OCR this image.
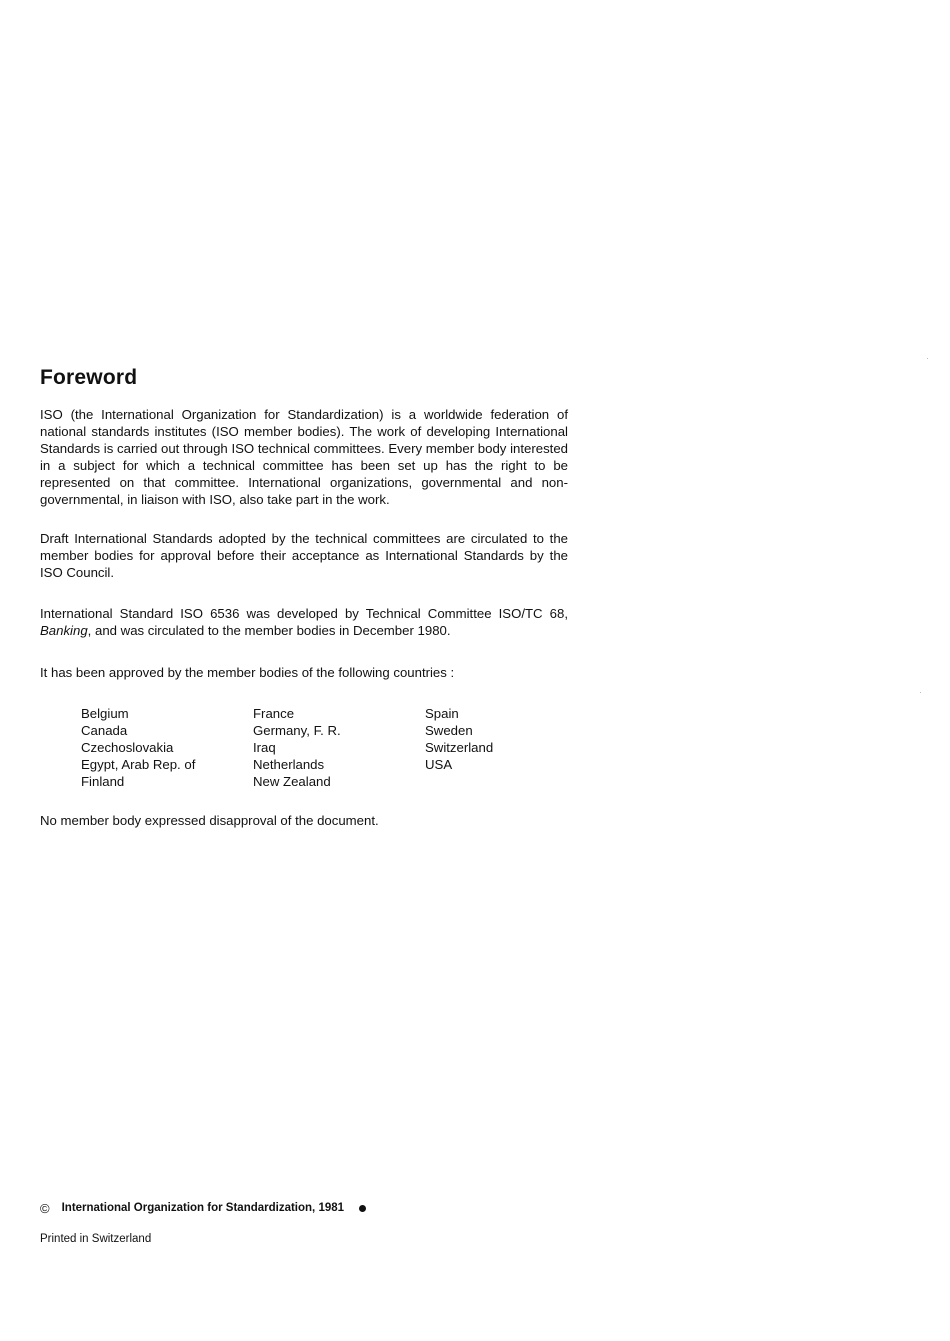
Foreword

ISO (the International Organization for Standardization) is a worldwide federation of national standards institutes (ISO member bodies). The work of developing International Standards is carried out through ISO technical committees. Every member body interested in a subject for which a technical committee has been set up has the right to be represented on that committee. International organizations, governmental and non-governmental, in liaison with ISO, also take part in the work.

Draft International Standards adopted by the technical committees are circulated to the member bodies for approval before their acceptance as International Standards by the ISO Council.

International Standard ISO 6536 was developed by Technical Committee ISO/TC 68, Banking, and was circulated to the member bodies in December 1980.

It has been approved by the member bodies of the following countries :

Belgium
Canada
Czechoslovakia
Egypt, Arab Rep. of
Finland
France
Germany, F. R.
Iraq
Netherlands
New Zealand
Spain
Sweden
Switzerland
USA

No member body expressed disapproval of the document.

© International Organization for Standardization, 1981
Printed in Switzerland
